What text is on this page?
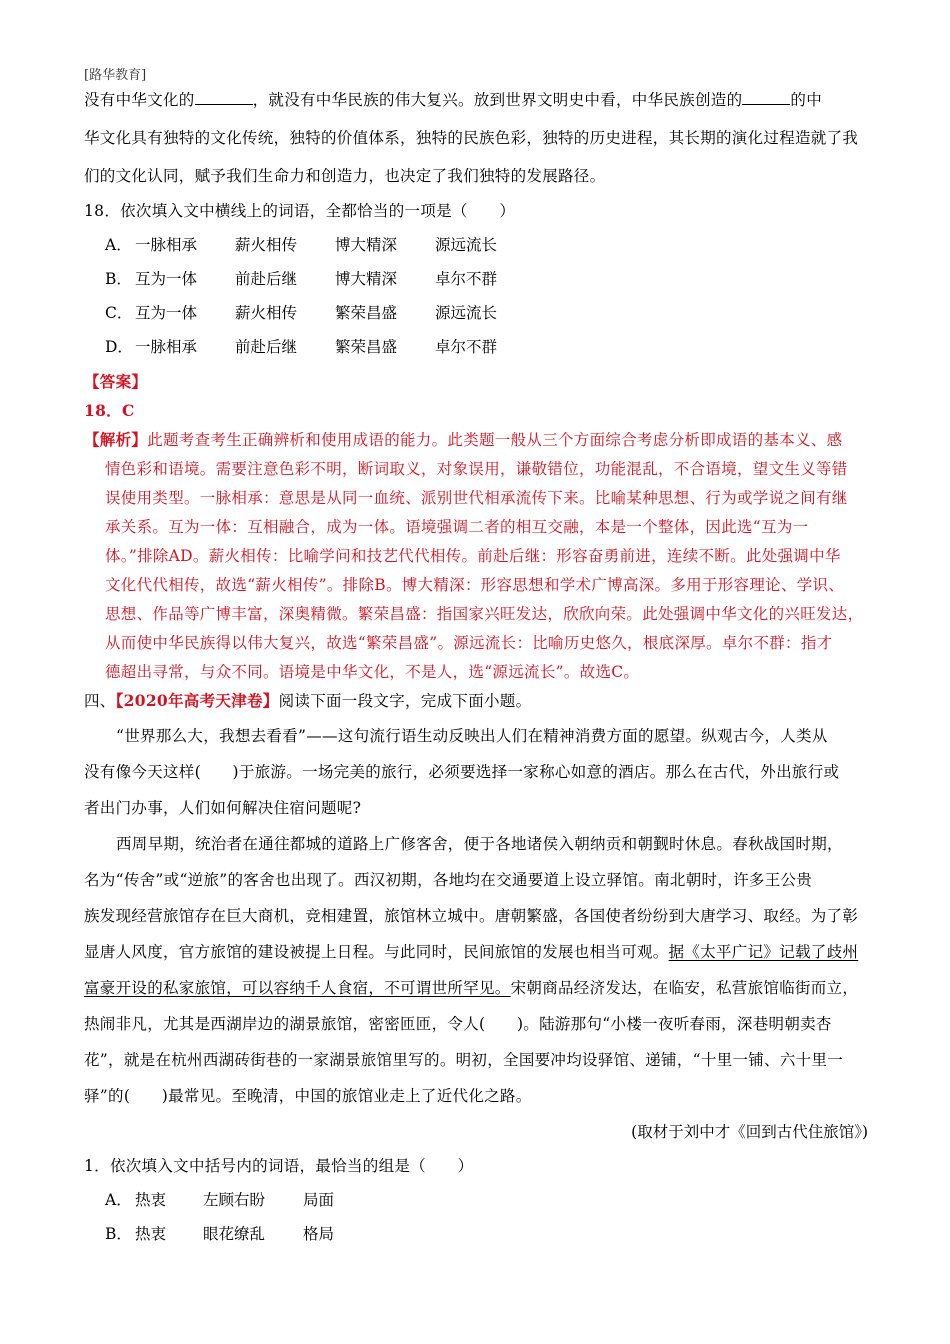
[路华教育]
没有中华文化的	，就没有中华民族的伟大复兴。放到世界文明史中看，中华民族创造的	的中
华文化具有独特的文化传统，独特的价值体系，独特的民族色彩，独特的历史进程，其长期的演化过程造就了我
们的文化认同，赋予我们生命力和创造力，也决定了我们独特的发展路径。
18．依次填入文中横线上的词语，全都恰当的一项是（　　）
A． 一脉相承 薪火相传 博大精深 源远流长
B． 互为一体 前赴后继 博大精深 卓尔不群
C． 互为一体 薪火相传 繁荣昌盛 源远流长
D． 一脉相承 前赴后继 繁荣昌盛 卓尔不群
【答案】
18．C
【解析】此题考查考生正确辨析和使用成语的能力。此类题一般从三个方面综合考虑分析即成语的基本义、感
情色彩和语境。需要注意色彩不明，断词取义，对象误用，谦敬错位，功能混乱，不合语境，望文生义等错
误使用类型。一脉相承：意思是从同一血统、派别世代相承流传下来。比喻某种思想、行为或学说之间有继
承关系。互为一体：互相融合，成为一体。语境强调二者的相互交融，本是一个整体，因此选“互为一
体。”排除AD。薪火相传：比喻学问和技艺代代相传。前赴后继：形容奋勇前进，连续不断。此处强调中华
文化代代相传，故选“薪火相传”。排除B。博大精深：形容思想和学术广博高深。多用于形容理论、学识、
思想、作品等广博丰富，深奥精微。繁荣昌盛：指国家兴旺发达，欣欣向荣。此处强调中华文化的兴旺发达，
从而使中华民族得以伟大复兴，故选“繁荣昌盛”。源远流长：比喻历史悠久，根底深厚。卓尔不群：指才
德超出寻常，与众不同。语境是中华文化，不是人，选“源远流长”。故选C。
四、【2020年高考天津卷】阅读下面一段文字，完成下面小题。
“世界那么大，我想去看看”——这句流行语生动反映出人们在精神消费方面的愿望。纵观古今，人类从
没有像今天这样(　　)于旅游。一场完美的旅行，必须要选择一家称心如意的酒店。那么在古代，外出旅行或
者出门办事，人们如何解决住宿问题呢?
西周早期，统治者在通往都城的道路上广修客舍，便于各地诸侯入朝纳贡和朝觐时休息。春秋战国时期，
名为“传舍”或“逆旅”的客舍也出现了。西汉初期，各地均在交通要道上设立驿馆。南北朝时，许多王公贵
族发现经营旅馆存在巨大商机，竞相建置，旅馆林立城中。唐朝繁盛，各国使者纷纷到大唐学习、取经。为了彰
显唐人风度，官方旅馆的建设被提上日程。与此同时，民间旅馆的发展也相当可观。据《太平广记》记载了歧州
富豪开设的私家旅馆，可以容纳千人食宿，不可谓世所罕见。宋朝商品经济发达，在临安，私营旅馆临街而立，
热闹非凡，尤其是西湖岸边的湖景旅馆，密密匝匝，令人(　　)。陆游那句“小楼一夜听春雨，深巷明朝卖杏
花”，就是在杭州西湖砖街巷的一家湖景旅馆里写的。明初，全国要冲均设驿馆、递铺，“十里一铺、六十里一
驿”的(　　)最常见。至晚清，中国的旅馆业走上了近代化之路。
(取材于刘中才《回到古代住旅馆》)
1．依次填入文中括号内的词语，最恰当的组是（　　）
A． 热衷 左顾右盼 局面
B． 热衷 眼花缭乱 格局
